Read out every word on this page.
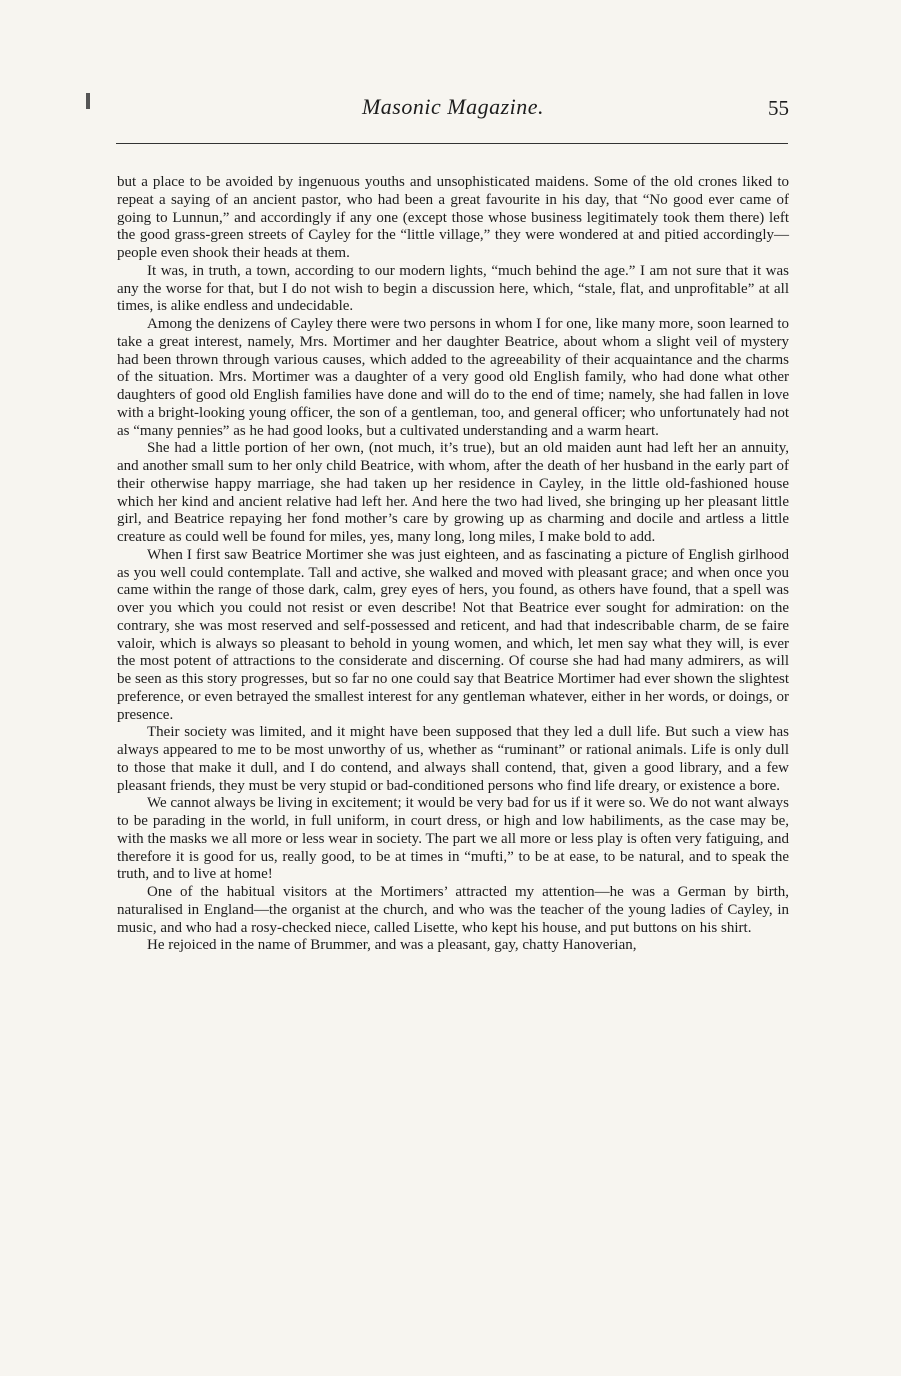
Masonic Magazine.	55

but a place to be avoided by ingenuous youths and unsophisticated maidens. Some of the old crones liked to repeat a saying of an ancient pastor, who had been a great favourite in his day, that “No good ever came of going to Lunnun,” and accordingly if any one (except those whose business legitimately took them there) left the good grass-green streets of Cayley for the “little village,” they were wondered at and pitied accordingly—people even shook their heads at them.

It was, in truth, a town, according to our modern lights, “much behind the age.” I am not sure that it was any the worse for that, but I do not wish to begin a discussion here, which, “stale, flat, and unprofitable” at all times, is alike endless and undecidable.

Among the denizens of Cayley there were two persons in whom I for one, like many more, soon learned to take a great interest, namely, Mrs. Mortimer and her daughter Beatrice, about whom a slight veil of mystery had been thrown through various causes, which added to the agreeability of their acquaintance and the charms of the situation. Mrs. Mortimer was a daughter of a very good old English family, who had done what other daughters of good old English families have done and will do to the end of time; namely, she had fallen in love with a bright-looking young officer, the son of a gentleman, too, and general officer; who unfortunately had not as “many pennies” as he had good looks, but a cultivated understanding and a warm heart.

She had a little portion of her own, (not much, it’s true), but an old maiden aunt had left her an annuity, and another small sum to her only child Beatrice, with whom, after the death of her husband in the early part of their otherwise happy marriage, she had taken up her residence in Cayley, in the little old-fashioned house which her kind and ancient relative had left her. And here the two had lived, she bringing up her pleasant little girl, and Beatrice repaying her fond mother’s care by growing up as charming and docile and artless a little creature as could well be found for miles, yes, many long, long miles, I make bold to add.

When I first saw Beatrice Mortimer she was just eighteen, and as fascinating a picture of English girlhood as you well could contemplate. Tall and active, she walked and moved with pleasant grace; and when once you came within the range of those dark, calm, grey eyes of hers, you found, as others have found, that a spell was over you which you could not resist or even describe! Not that Beatrice ever sought for admiration: on the contrary, she was most reserved and self-possessed and reticent, and had that indescribable charm, de se faire valoir, which is always so pleasant to behold in young women, and which, let men say what they will, is ever the most potent of attractions to the considerate and discerning. Of course she had had many admirers, as will be seen as this story progresses, but so far no one could say that Beatrice Mortimer had ever shown the slightest preference, or even betrayed the smallest interest for any gentleman whatever, either in her words, or doings, or presence.

Their society was limited, and it might have been supposed that they led a dull life. But such a view has always appeared to me to be most unworthy of us, whether as “ruminant” or rational animals. Life is only dull to those that make it dull, and I do contend, and always shall contend, that, given a good library, and a few pleasant friends, they must be very stupid or bad-conditioned persons who find life dreary, or existence a bore.

We cannot always be living in excitement; it would be very bad for us if it were so. We do not want always to be parading in the world, in full uniform, in court dress, or high and low habiliments, as the case may be, with the masks we all more or less wear in society. The part we all more or less play is often very fatiguing, and therefore it is good for us, really good, to be at times in “mufti,” to be at ease, to be natural, and to speak the truth, and to live at home!

One of the habitual visitors at the Mortimers’ attracted my attention—he was a German by birth, naturalised in England—the organist at the church, and who was the teacher of the young ladies of Cayley, in music, and who had a rosy-checked niece, called Lisette, who kept his house, and put buttons on his shirt.

He rejoiced in the name of Brummer, and was a pleasant, gay, chatty Hanoverian,
